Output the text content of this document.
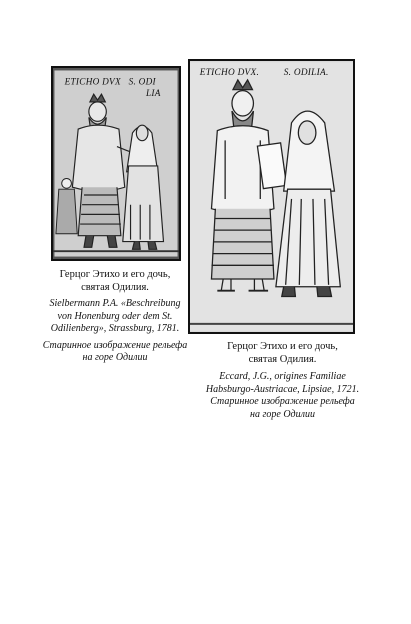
ETICHO DVX S. ODI
LIA
ETICHO DVX.	S. ODILIA.
Герцог Этихо и его дочь,
святая Одилия.
Sielbermann P.A. «Beschreibung
von Honenburg oder dem St.
Odilienberg», Strassburg, 1781.
Старинное изображение рельефа
на горе Одилии
Герцог Этихо и его дочь,
святая Одилия.
Eccard, J.G., origines Familiae
Habsburgo-Austriacae, Lipsiae, 1721.
Старинное изображение рельефа
на горе Одилии
